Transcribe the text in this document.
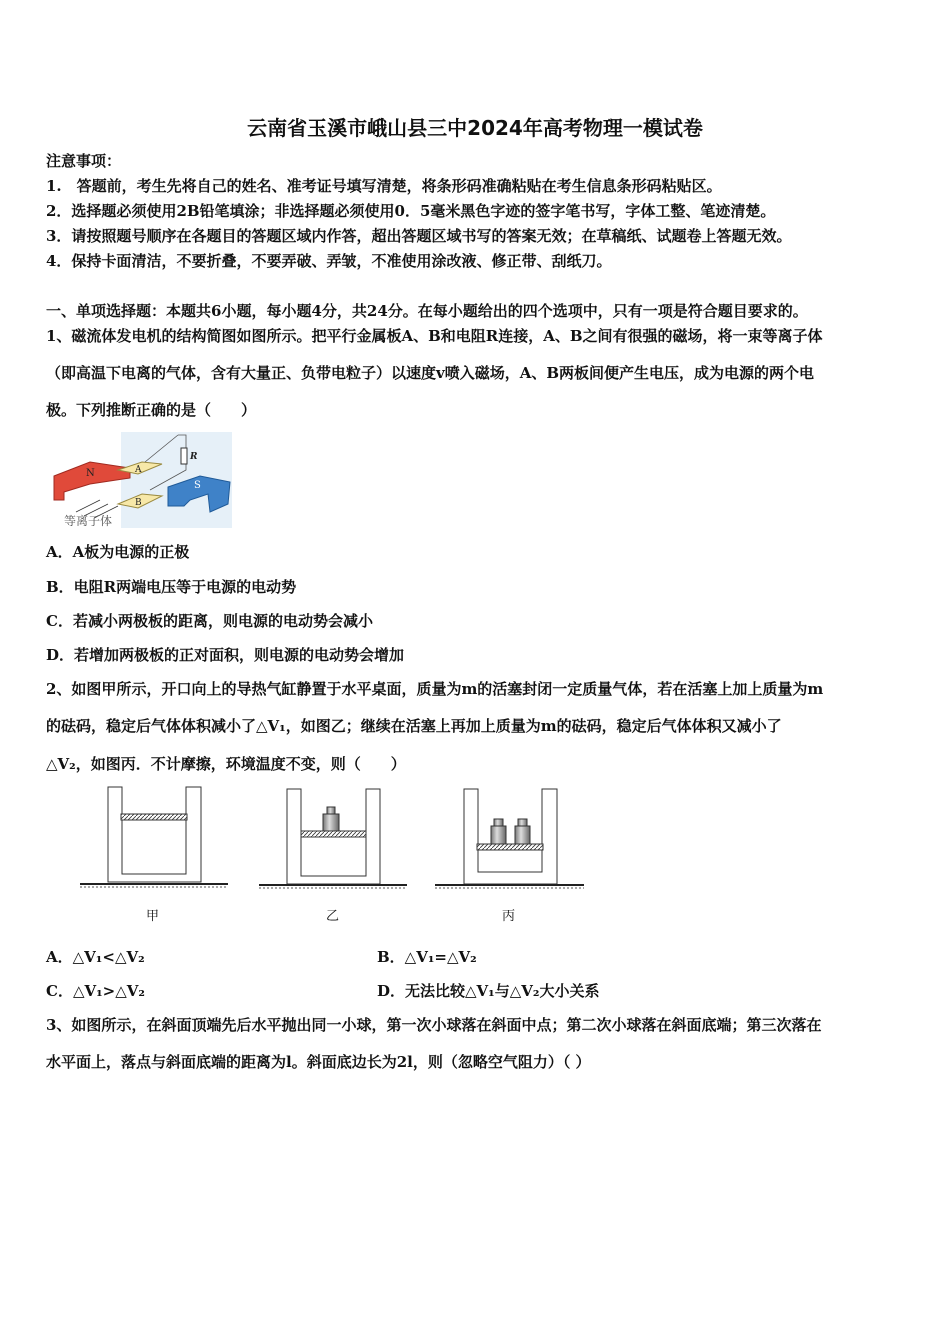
云南省玉溪市峨山县三中2024年高考物理一模试卷
注意事项：
1.　答题前，考生先将自己的姓名、准考证号填写清楚，将条形码准确粘贴在考生信息条形码粘贴区。
2．选择题必须使用2B铅笔填涂；非选择题必须使用0．5毫米黑色字迹的签字笔书写，字体工整、笔迹清楚。
3．请按照题号顺序在各题目的答题区域内作答，超出答题区域书写的答案无效；在草稿纸、试题卷上答题无效。
4．保持卡面清洁，不要折叠，不要弄破、弄皱，不准使用涂改液、修正带、刮纸刀。
一、单项选择题：本题共6小题，每小题4分，共24分。在每小题给出的四个选项中，只有一项是符合题目要求的。
1、磁流体发电机的结构简图如图所示。把平行金属板A、B和电阻R连接，A、B之间有很强的磁场，将一束等离子体
（即高温下电离的气体，含有大量正、负带电粒子）以速度v喷入磁场，A、B两板间便产生电压，成为电源的两个电
极。下列推断正确的是（　　）
N	A
B
R
S
等离子体
A．A板为电源的正极
B．电阻R两端电压等于电源的电动势
C．若减小两极板的距离，则电源的电动势会减小
D．若增加两极板的正对面积，则电源的电动势会增加
2、如图甲所示，开口向上的导热气缸静置于水平桌面，质量为m的活塞封闭一定质量气体，若在活塞上加上质量为m
的砝码，稳定后气体体积减小了△V₁，如图乙；继续在活塞上再加上质量为m的砝码，稳定后气体体积又减小了
△V₂，如图丙．不计摩擦，环境温度不变，则（　　）
甲	乙	丙
A．△V₁<△V₂	B．△V₁=△V₂
C．△V₁>△V₂	D．无法比较△V₁与△V₂大小关系
3、如图所示，在斜面顶端先后水平抛出同一小球，第一次小球落在斜面中点；第二次小球落在斜面底端；第三次落在
水平面上，落点与斜面底端的距离为l。斜面底边长为2l，则（忽略空气阻力）（ ）
